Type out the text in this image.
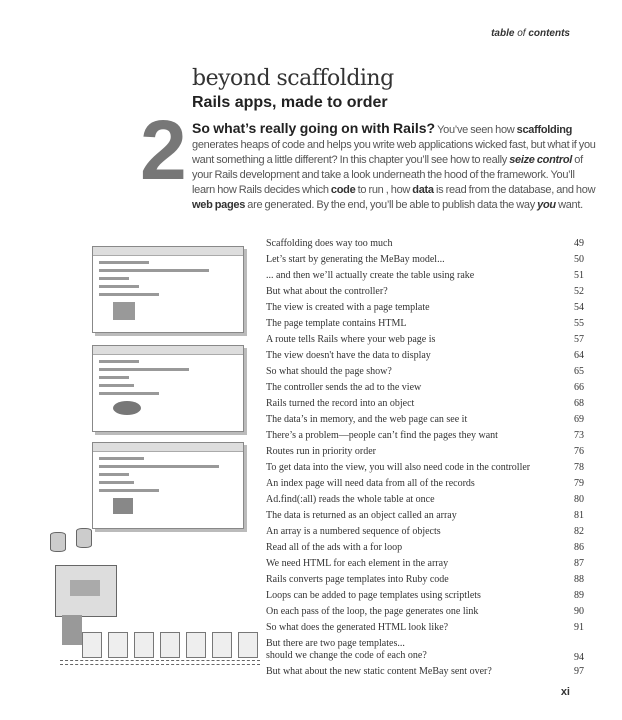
table of contents
2
beyond scaffolding
Rails apps, made to order
So what’s really going on with Rails? You’ve seen how scaffolding generates heaps of code and helps you write web applications wicked fast, but what if you want something a little different? In this chapter you’ll see how to really seize control of your Rails development and take a look underneath the hood of the framework. You’ll learn how Rails decides which code to run , how data is read from the database, and how web pages are generated. By the end, you’ll be able to publish data the way you want.
Scaffolding does way too much	49
Let’s start by generating the MeBay model...	50
... and then we’ll actually create the table using rake	51
But what about the controller?	52
The view is created with a page template	54
The page template contains HTML	55
A route tells Rails where your web page is	57
The view doesn't have the data to display	64
So what should the page show?	65
The controller sends the ad to the view	66
Rails turned the record into an object	68
The data’s in memory, and the web page can see it	69
There’s a problem—people can’t find the pages they want	73
Routes run in priority order	76
To get data into the view, you will also need code in the controller	78
An index page will need data from all of the records	79
Ad.find(:all) reads the whole table at once	80
The data is returned as an object called an array	81
An array is a numbered sequence of objects	82
Read all of the ads with a for loop	86
We need HTML for each element in the array	87
Rails converts page templates into Ruby code	88
Loops can be added to page templates using scriptlets	89
On each pass of the loop, the page generates one link	90
So what does the generated HTML look like?	91
But there are two page templates...
should we change the code of each one?	94
But what about the new static content MeBay sent over?	97
xi
